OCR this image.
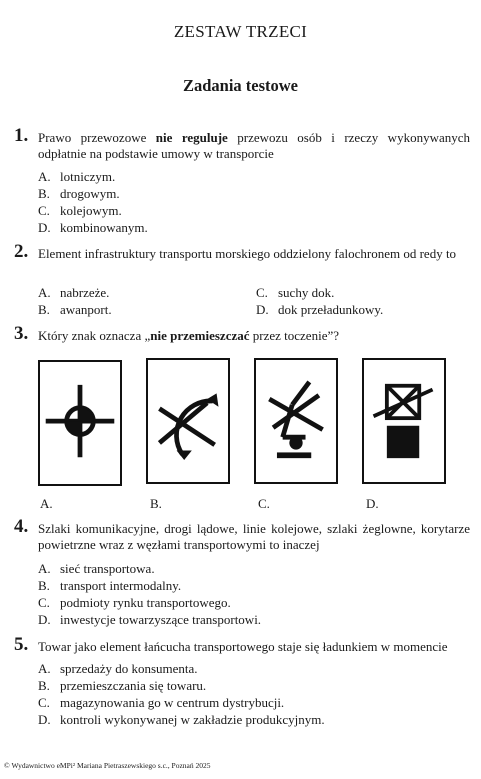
ZESTAW TRZECI
Zadania testowe
1. Prawo przewozowe nie reguluje przewozu osób i rzeczy wykonywanych odpłatnie na podstawie umowy w transporcie
A. lotniczym.
B. drogowym.
C. kolejowym.
D. kombinowanym.
2. Element infrastruktury transportu morskiego oddzielony falochronem od redy to
A. nabrzeże.
B. awanport.
C. suchy dok.
D. dok przeładunkowy.
3. Który znak oznacza „nie przemieszczać przez toczenie”?
A.	B.	C.	D.
4. Szlaki komunikacyjne, drogi lądowe, linie kolejowe, szlaki żeglowne, korytarze powietrzne wraz z węzłami transportowymi to inaczej
A. sieć transportowa.
B. transport intermodalny.
C. podmioty rynku transportowego.
D. inwestycje towarzyszące transportowi.
5. Towar jako element łańcucha transportowego staje się ładunkiem w momencie
A. sprzedaży do konsumenta.
B. przemieszczania się towaru.
C. magazynowania go w centrum dystrybucji.
D. kontroli wykonywanej w zakładzie produkcyjnym.
© Wydawnictwo eMPi² Mariana Pietraszewskiego s.c., Poznań 2025
